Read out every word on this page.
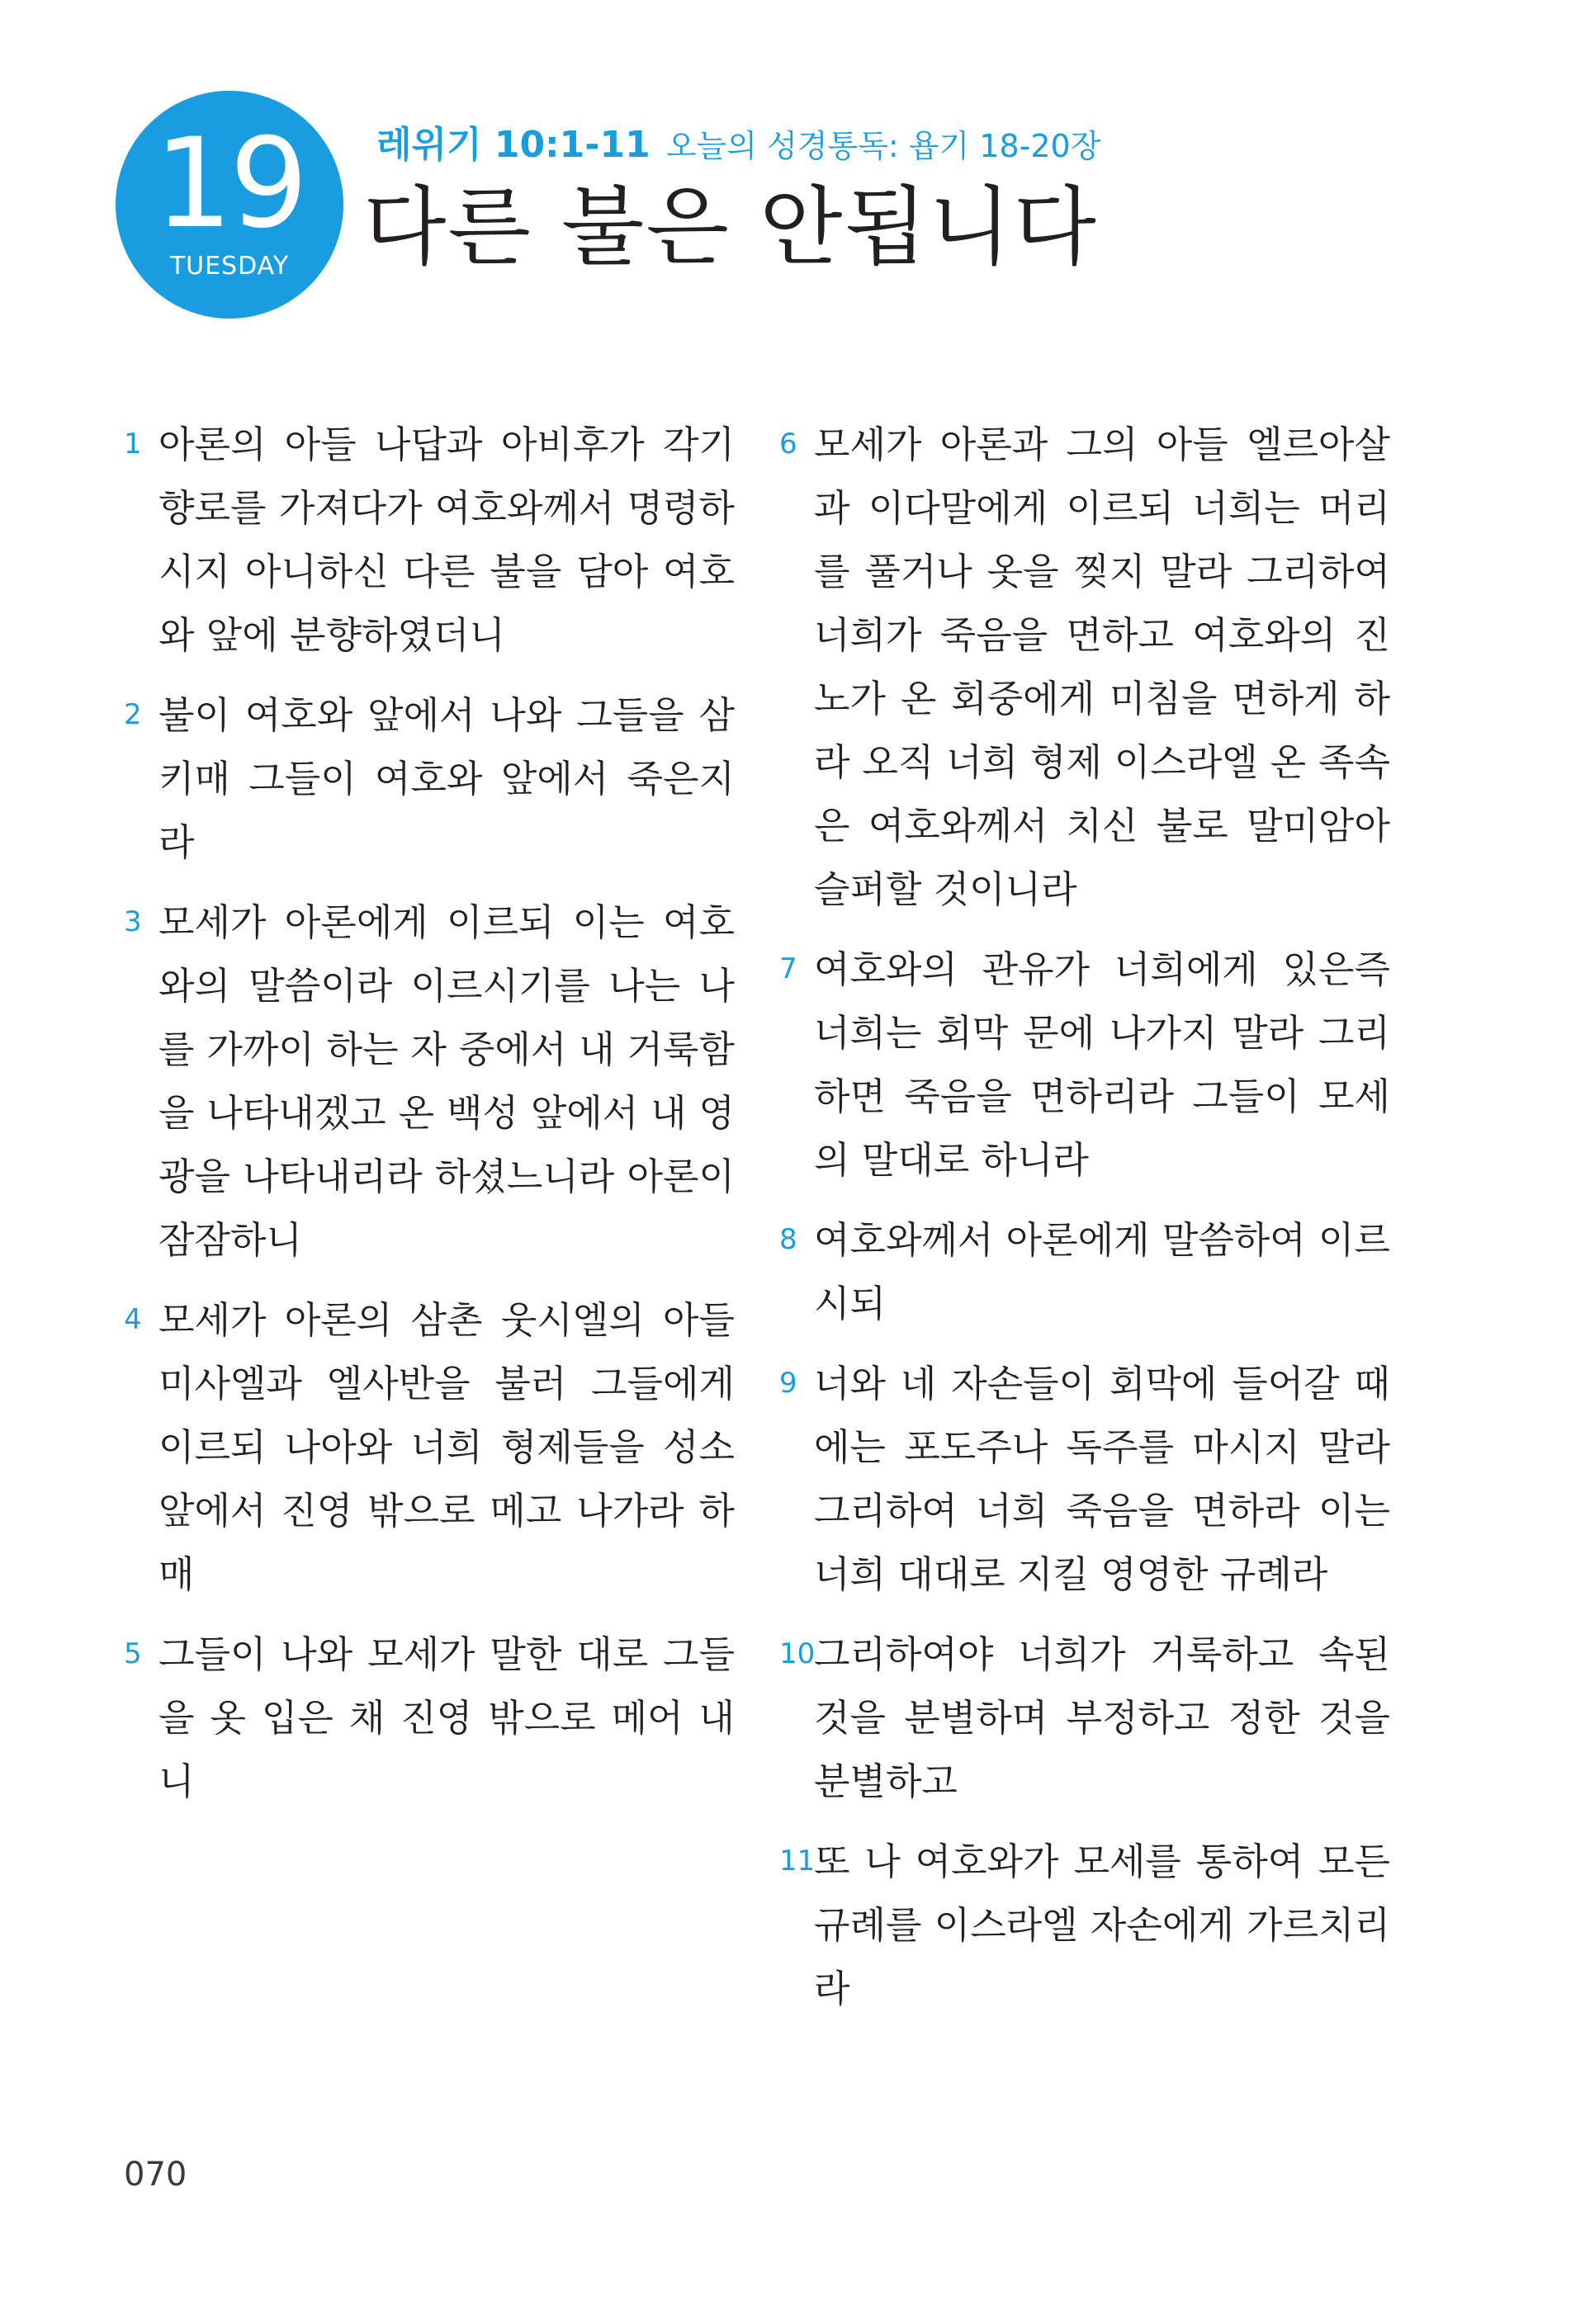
19
TUESDAY
레위기 10:1-11 오늘의 성경통독: 욥기 18-20장
다른 불은 안됩니다
1 아론의 아들 나답과 아비후가 각기 향로를 가져다가 여호와께서 명령하시지 아니하신 다른 불을 담아 여호와 앞에 분향하였더니

2 불이 여호와 앞에서 나와 그들을 삼키매 그들이 여호와 앞에서 죽은지라

3 모세가 아론에게 이르되 이는 여호와의 말씀이라 이르시기를 나는 나를 가까이 하는 자 중에서 내 거룩함을 나타내겠고 온 백성 앞에서 내 영광을 나타내리라 하셨느니라 아론이 잠잠하니

4 모세가 아론의 삼촌 웃시엘의 아들 미사엘과 엘사반을 불러 그들에게 이르되 나아와 너희 형제들을 성소 앞에서 진영 밖으로 메고 나가라 하매

5 그들이 나와 모세가 말한 대로 그들을 옷 입은 채 진영 밖으로 메어 내니

6 모세가 아론과 그의 아들 엘르아살과 이다말에게 이르되 너희는 머리를 풀거나 옷을 찢지 말라 그리하여 너희가 죽음을 면하고 여호와의 진노가 온 회중에게 미침을 면하게 하라 오직 너희 형제 이스라엘 온 족속은 여호와께서 치신 불로 말미암아 슬퍼할 것이니라

7 여호와의 관유가 너희에게 있은즉 너희는 회막 문에 나가지 말라 그리하면 죽음을 면하리라 그들이 모세의 말대로 하니라

8 여호와께서 아론에게 말씀하여 이르시되

9 너와 네 자손들이 회막에 들어갈 때에는 포도주나 독주를 마시지 말라 그리하여 너희 죽음을 면하라 이는 너희 대대로 지킬 영영한 규례라

10

그리하여야 너희가 거룩하고 속된 것을 분별하며 부정하고 정한 것을 분별하고

11

또 나 여호와가 모세를 통하여 모든 규례를 이스라엘 자손에게 가르치리라

070
